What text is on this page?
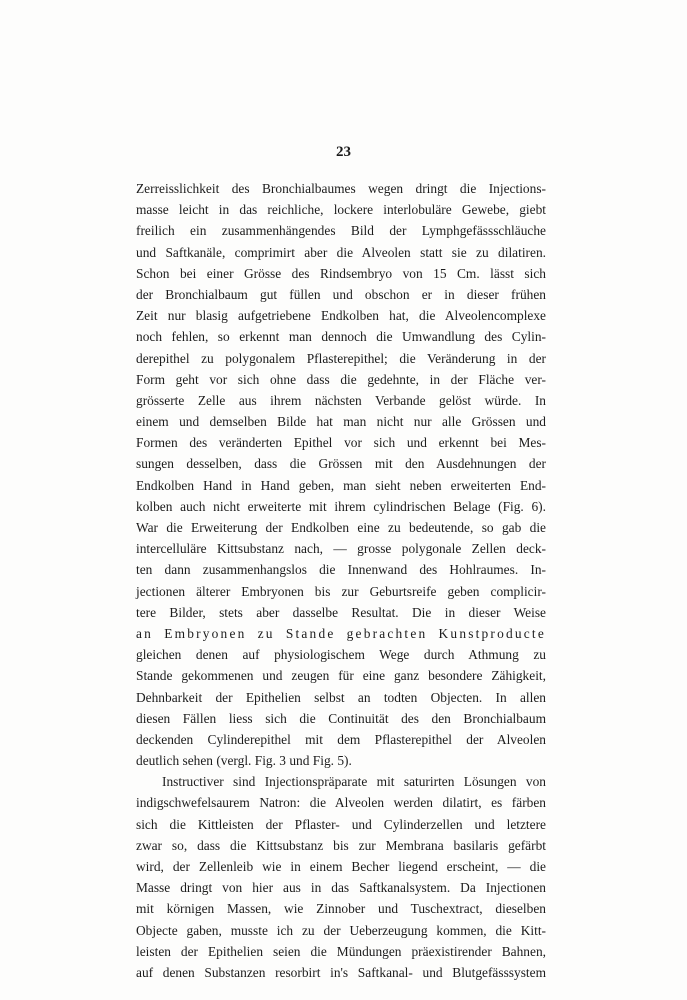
23
Zerreisslichkeit des Bronchialbaumes wegen dringt die Injections-
masse leicht in das reichliche, lockere interlobuläre Gewebe, giebt
freilich ein zusammenhängendes Bild der Lymphgefässschläuche
und Saftkanäle, comprimirt aber die Alveolen statt sie zu dilatiren.
Schon bei einer Grösse des Rindsembryo von 15 Cm. lässt sich
der Bronchialbaum gut füllen und obschon er in dieser frühen
Zeit nur blasig aufgetriebene Endkolben hat, die Alveolencomplexe
noch fehlen, so erkennt man dennoch die Umwandlung des Cylin-
derepithel zu polygonalem Pflasterepithel; die Veränderung in der
Form geht vor sich ohne dass die gedehnte, in der Fläche ver-
grösserte Zelle aus ihrem nächsten Verbande gelöst würde. In
einem und demselben Bilde hat man nicht nur alle Grössen und
Formen des veränderten Epithel vor sich und erkennt bei Mes-
sungen desselben, dass die Grössen mit den Ausdehnungen der
Endkolben Hand in Hand geben, man sieht neben erweiterten End-
kolben auch nicht erweiterte mit ihrem cylindrischen Belage (Fig. 6).
War die Erweiterung der Endkolben eine zu bedeutende, so gab die
intercelluläre Kittsubstanz nach, — grosse polygonale Zellen deck-
ten dann zusammenhangslos die Innenwand des Hohlraumes. In-
jectionen älterer Embryonen bis zur Geburtsreife geben complicir-
tere Bilder, stets aber dasselbe Resultat. Die in dieser Weise
an Embryonen zu Stande gebrachten Kunstproducte
gleichen denen auf physiologischem Wege durch Athmung zu
Stande gekommenen und zeugen für eine ganz besondere Zähigkeit,
Dehnbarkeit der Epithelien selbst an todten Objecten. In allen
diesen Fällen liess sich die Continuität des den Bronchialbaum
deckenden Cylinderepithel mit dem Pflasterepithel der Alveolen
deutlich sehen (vergl. Fig. 3 und Fig. 5).
Instructiver sind Injectionspräparate mit saturirten Lösungen von
indigschwefelsaurem Natron: die Alveolen werden dilatirt, es färben
sich die Kittleisten der Pflaster- und Cylinderzellen und letztere
zwar so, dass die Kittsubstanz bis zur Membrana basilaris gefärbt
wird, der Zellenleib wie in einem Becher liegend erscheint, — die
Masse dringt von hier aus in das Saftkanalsystem. Da Injectionen
mit körnigen Massen, wie Zinnober und Tuschextract, dieselben
Objecte gaben, musste ich zu der Ueberzeugung kommen, die Kitt-
leisten der Epithelien seien die Mündungen präexistirender Bahnen,
auf denen Substanzen resorbirt in's Saftkanal- und Blutgefässsystem
